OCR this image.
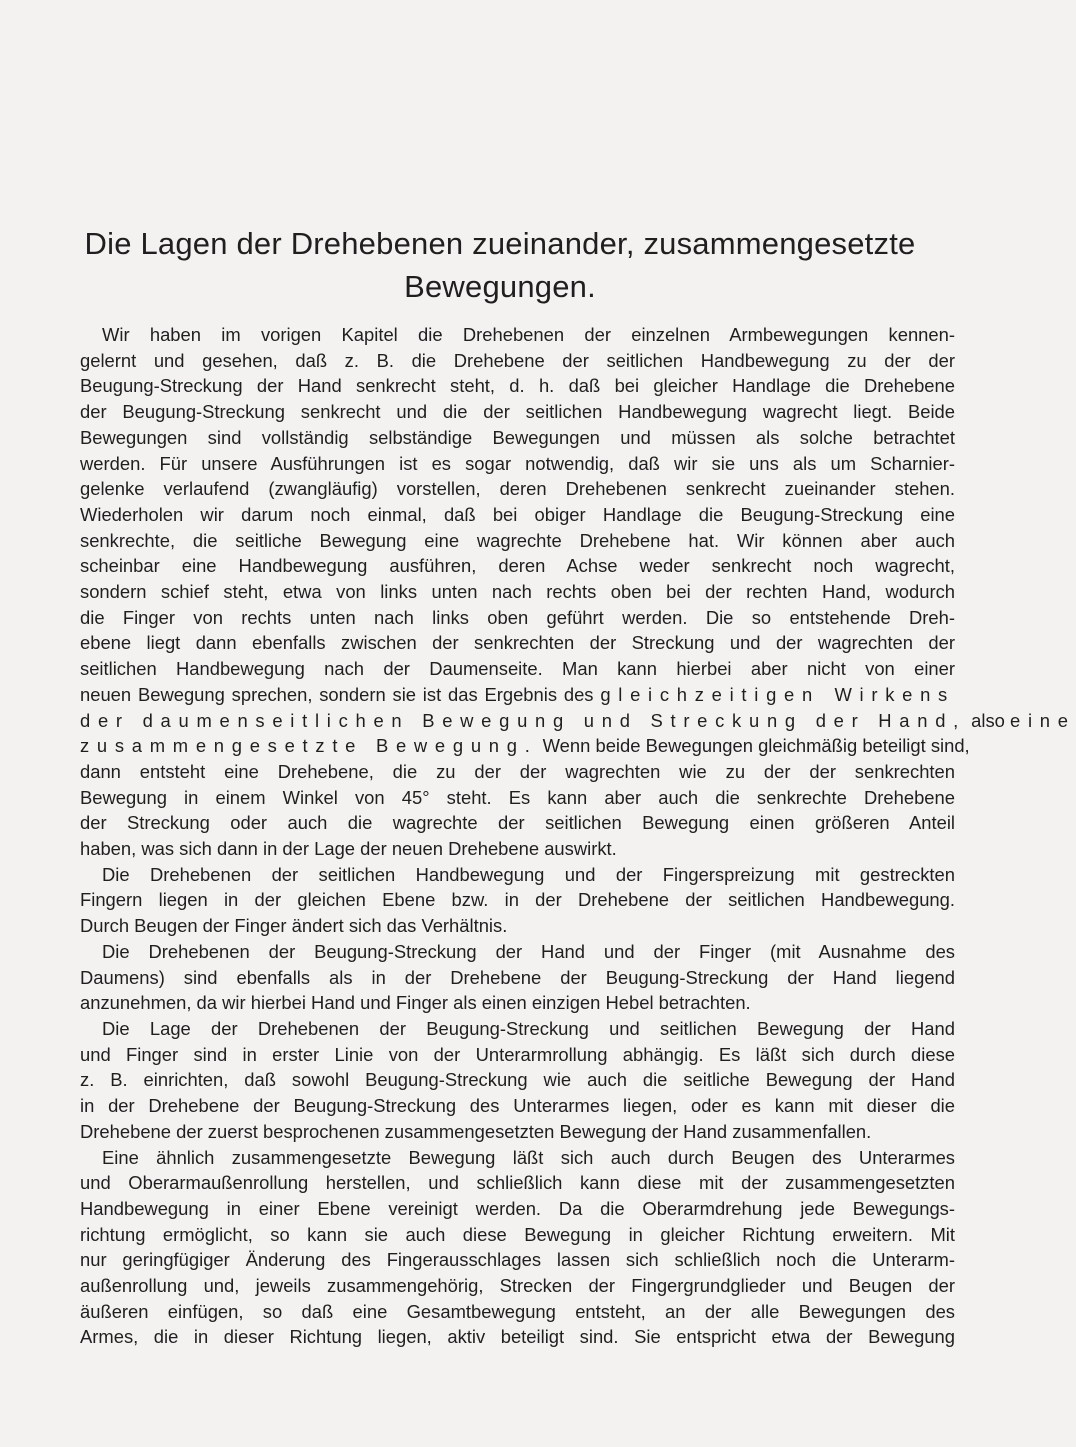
Die Lagen der Drehebenen zueinander, zusammengesetzte
Bewegungen.

Wir haben im vorigen Kapitel die Drehebenen der einzelnen Armbewegungen kennen-
gelernt und gesehen, daß z. B. die Drehebene der seitlichen Handbewegung zu der der
Beugung-Streckung der Hand senkrecht steht, d. h. daß bei gleicher Handlage die Drehebene
der Beugung-Streckung senkrecht und die der seitlichen Handbewegung wagrecht liegt. Beide
Bewegungen sind vollständig selbständige Bewegungen und müssen als solche betrachtet
werden. Für unsere Ausführungen ist es sogar notwendig, daß wir sie uns als um Scharnier-
gelenke verlaufend (zwangläufig) vorstellen, deren Drehebenen senkrecht zueinander stehen.
Wiederholen wir darum noch einmal, daß bei obiger Handlage die Beugung-Streckung eine
senkrechte, die seitliche Bewegung eine wagrechte Drehebene hat. Wir können aber auch
scheinbar eine Handbewegung ausführen, deren Achse weder senkrecht noch wagrecht,
sondern schief steht, etwa von links unten nach rechts oben bei der rechten Hand, wodurch
die Finger von rechts unten nach links oben geführt werden. Die so entstehende Dreh-
ebene liegt dann ebenfalls zwischen der senkrechten der Streckung und der wagrechten der
seitlichen Handbewegung nach der Daumenseite. Man kann hierbei aber nicht von einer
neuen Bewegung sprechen, sondern sie ist das Ergebnis des gleichzeitigen Wirkens
der daumenseitlichen Bewegung und Streckung der Hand, also eine
zusammengesetzte Bewegung. Wenn beide Bewegungen gleichmäßig beteiligt sind,
dann entsteht eine Drehebene, die zu der der wagrechten wie zu der der senkrechten
Bewegung in einem Winkel von 45° steht. Es kann aber auch die senkrechte Drehebene
der Streckung oder auch die wagrechte der seitlichen Bewegung einen größeren Anteil
haben, was sich dann in der Lage der neuen Drehebene auswirkt.

Die Drehebenen der seitlichen Handbewegung und der Fingerspreizung mit gestreckten
Fingern liegen in der gleichen Ebene bzw. in der Drehebene der seitlichen Handbewegung.
Durch Beugen der Finger ändert sich das Verhältnis.

Die Drehebenen der Beugung-Streckung der Hand und der Finger (mit Ausnahme des
Daumens) sind ebenfalls als in der Drehebene der Beugung-Streckung der Hand liegend
anzunehmen, da wir hierbei Hand und Finger als einen einzigen Hebel betrachten.

Die Lage der Drehebenen der Beugung-Streckung und seitlichen Bewegung der Hand
und Finger sind in erster Linie von der Unterarmrollung abhängig. Es läßt sich durch diese
z. B. einrichten, daß sowohl Beugung-Streckung wie auch die seitliche Bewegung der Hand
in der Drehebene der Beugung-Streckung des Unterarmes liegen, oder es kann mit dieser die
Drehebene der zuerst besprochenen zusammengesetzten Bewegung der Hand zusammenfallen.

Eine ähnlich zusammengesetzte Bewegung läßt sich auch durch Beugen des Unterarmes
und Oberarmaußenrollung herstellen, und schließlich kann diese mit der zusammengesetzten
Handbewegung in einer Ebene vereinigt werden. Da die Oberarmdrehung jede Bewegungs-
richtung ermöglicht, so kann sie auch diese Bewegung in gleicher Richtung erweitern. Mit
nur geringfügiger Änderung des Fingerausschlages lassen sich schließlich noch die Unterarm-
außenrollung und, jeweils zusammengehörig, Strecken der Fingergrundglieder und Beugen der
äußeren einfügen, so daß eine Gesamtbewegung entsteht, an der alle Bewegungen des
Armes, die in dieser Richtung liegen, aktiv beteiligt sind. Sie entspricht etwa der Bewegung
